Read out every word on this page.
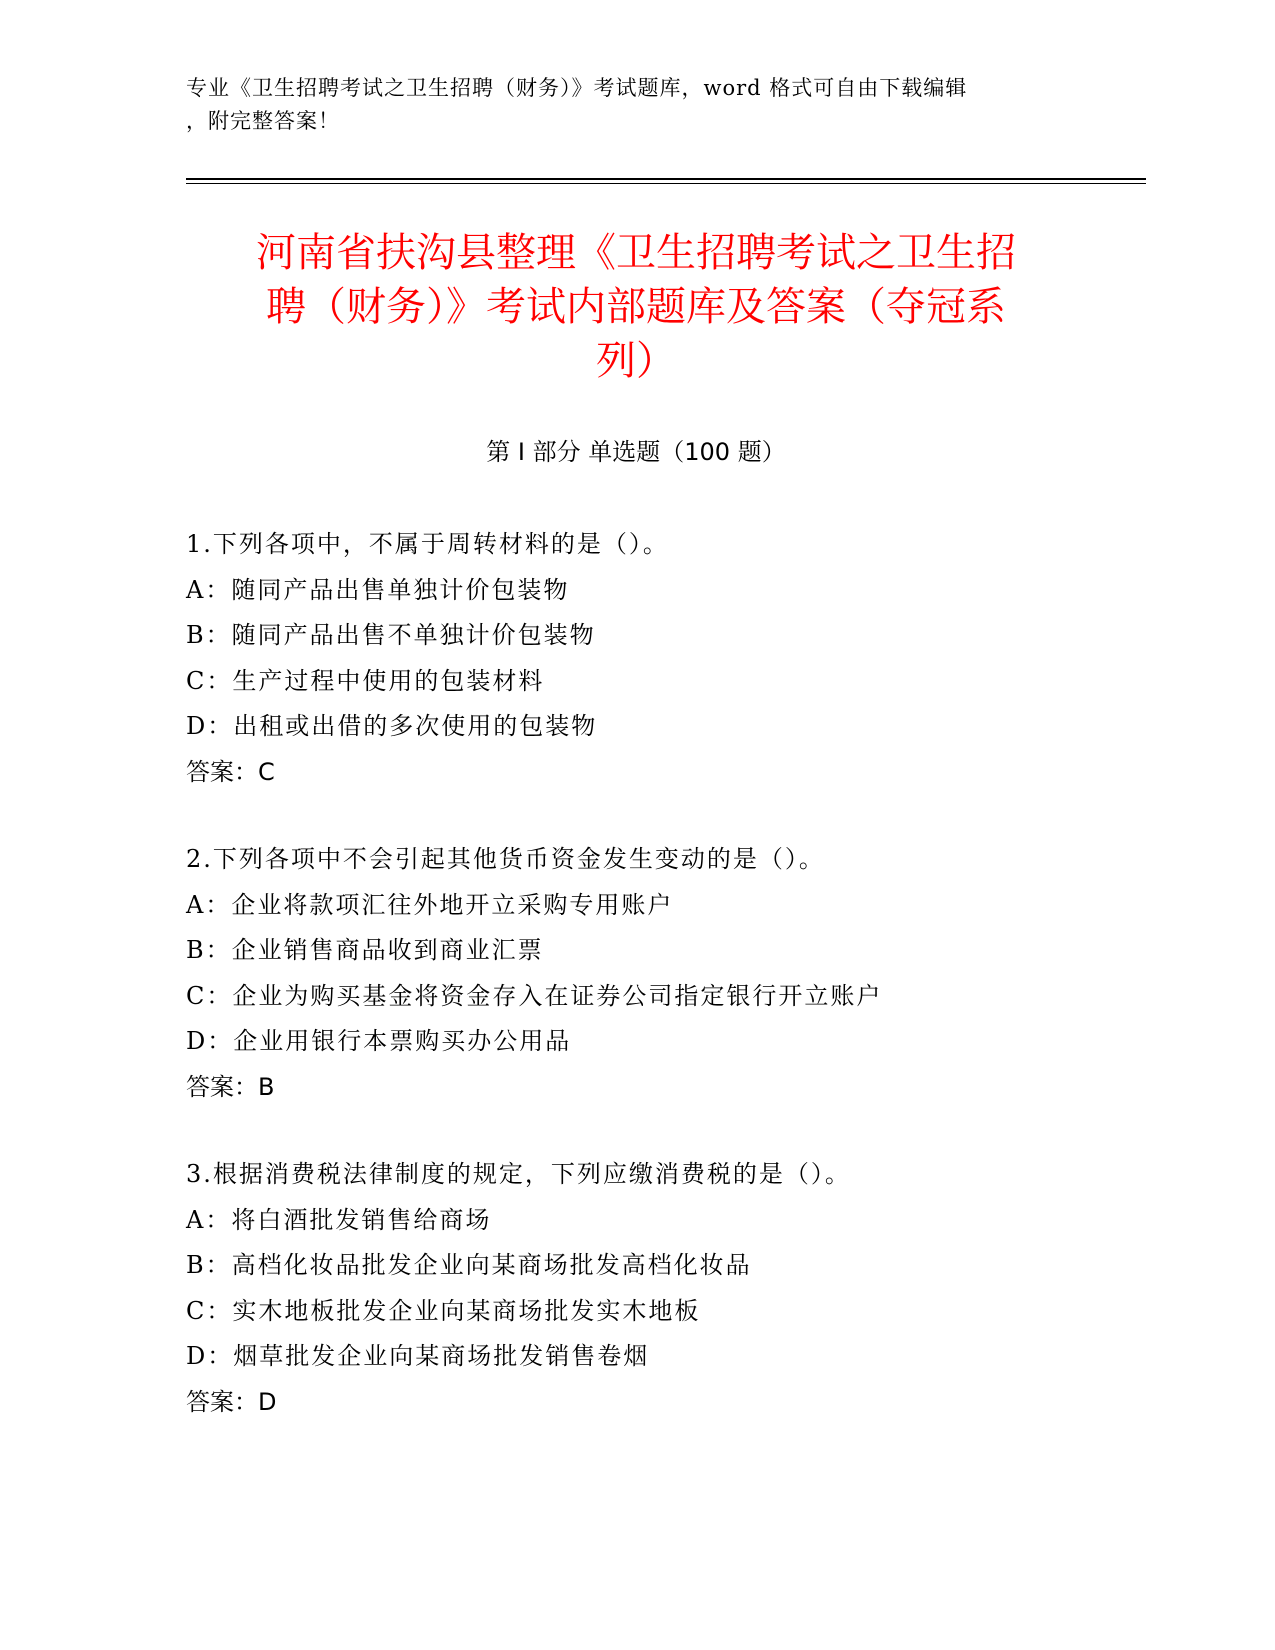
专业《卫生招聘考试之卫生招聘（财务）》考试题库，word 格式可自由下载编辑
，附完整答案！
河南省扶沟县整理《卫生招聘考试之卫生招
聘（财务）》考试内部题库及答案（夺冠系
列）
第 I 部分 单选题（100 题）
1.下列各项中，不属于周转材料的是（）。
A：随同产品出售单独计价包装物
B：随同产品出售不单独计价包装物
C：生产过程中使用的包装材料
D：出租或出借的多次使用的包装物
答案：C
2.下列各项中不会引起其他货币资金发生变动的是（）。
A：企业将款项汇往外地开立采购专用账户
B：企业销售商品收到商业汇票
C：企业为购买基金将资金存入在证券公司指定银行开立账户
D：企业用银行本票购买办公用品
答案：B
3.根据消费税法律制度的规定，下列应缴消费税的是（）。
A：将白酒批发销售给商场
B：高档化妆品批发企业向某商场批发高档化妆品
C：实木地板批发企业向某商场批发实木地板
D：烟草批发企业向某商场批发销售卷烟
答案：D
